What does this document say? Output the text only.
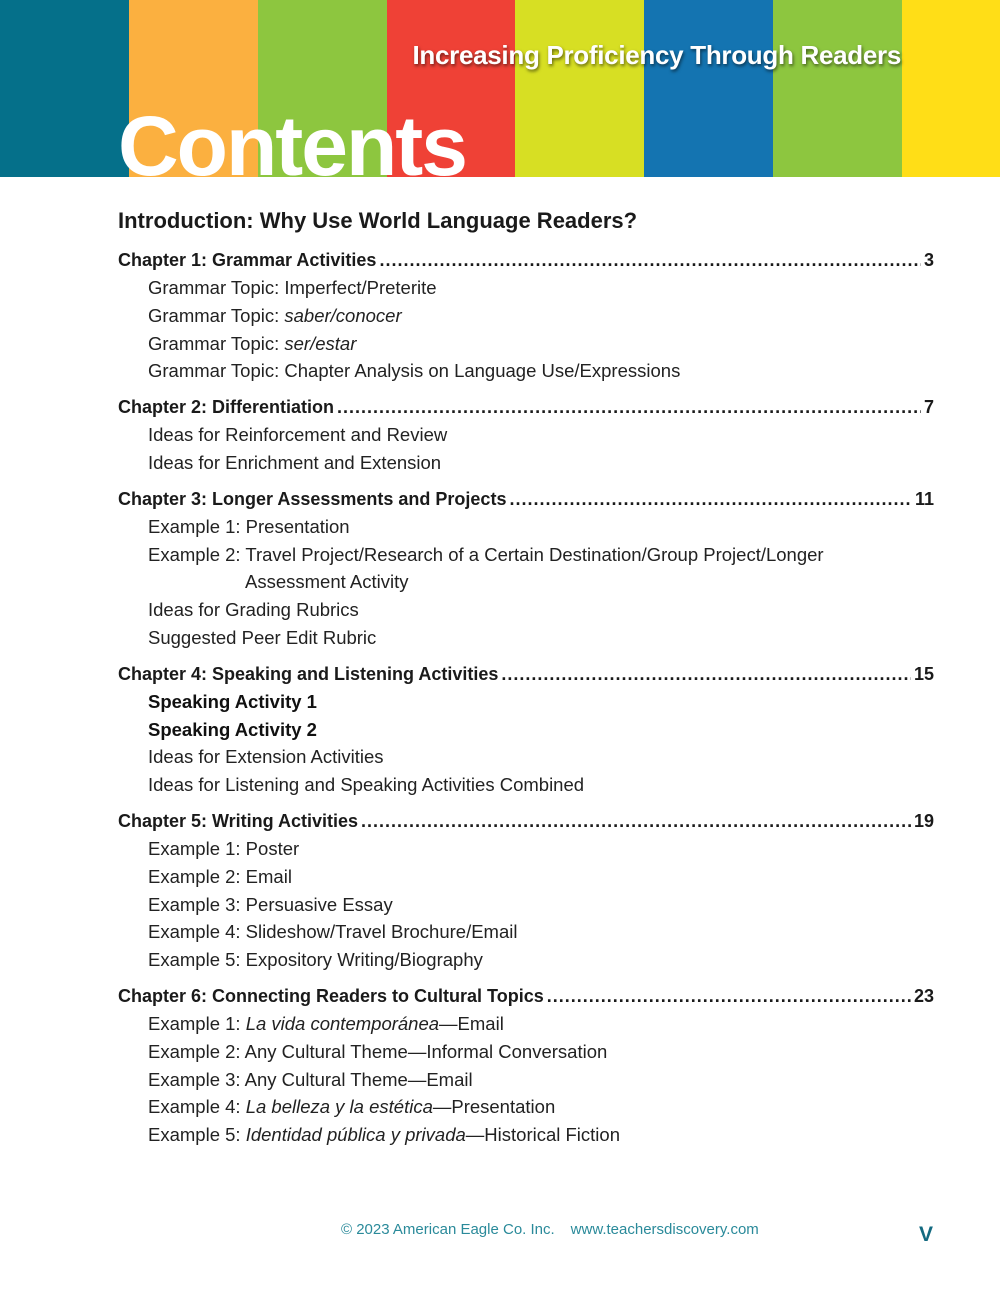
Increasing Proficiency Through Readers
Contents
Introduction: Why Use World Language Readers?
Chapter 1: Grammar Activities .....	3
Grammar Topic: Imperfect/Preterite
Grammar Topic: saber/conocer
Grammar Topic: ser/estar
Grammar Topic: Chapter Analysis on Language Use/Expressions
Chapter 2: Differentiation .....	7
Ideas for Reinforcement and Review
Ideas for Enrichment and Extension
Chapter 3: Longer Assessments and Projects .....	11
Example 1: Presentation
Example 2: Travel Project/Research of a Certain Destination/Group Project/Longer
Assessment Activity
Ideas for Grading Rubrics
Suggested Peer Edit Rubric
Chapter 4: Speaking and Listening Activities .....	15
Speaking Activity 1
Speaking Activity 2
Ideas for Extension Activities
Ideas for Listening and Speaking Activities Combined
Chapter 5: Writing Activities .....	19
Example 1: Poster
Example 2: Email
Example 3: Persuasive Essay
Example 4: Slideshow/Travel Brochure/Email
Example 5: Expository Writing/Biography
Chapter 6: Connecting Readers to Cultural Topics .....	23
Example 1: La vida contemporánea—Email
Example 2: Any Cultural Theme—Informal Conversation
Example 3: Any Cultural Theme—Email
Example 4: La belleza y la estética—Presentation
Example 5: Identidad pública y privada—Historical Fiction
© 2023 American Eagle Co. Inc. www.teachersdiscovery.com	V
